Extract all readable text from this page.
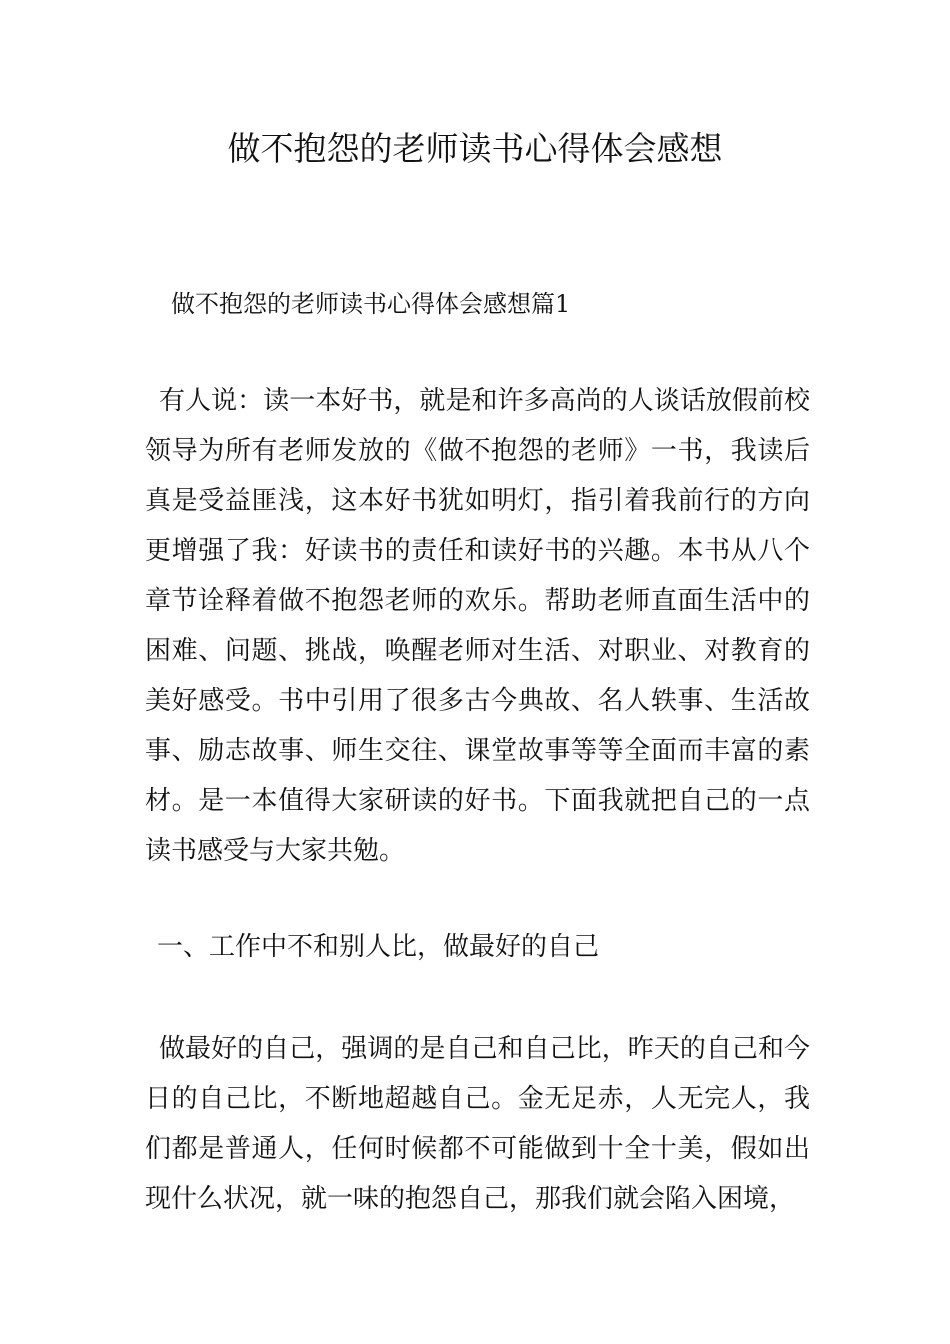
做不抱怨的老师读书心得体会感想
做不抱怨的老师读书心得体会感想篇1

有人说：读一本好书，就是和许多高尚的人谈话放假前校领导为所有老师发放的《做不抱怨的老师》一书，我读后真是受益匪浅，这本好书犹如明灯，指引着我前行的方向更增强了我：好读书的责任和读好书的兴趣。本书从八个章节诠释着做不抱怨老师的欢乐。帮助老师直面生活中的困难、问题、挑战，唤醒老师对生活、对职业、对教育的美好感受。书中引用了很多古今典故、名人轶事、生活故事、励志故事、师生交往、课堂故事等等全面而丰富的素材。是一本值得大家研读的好书。下面我就把自己的一点读书感受与大家共勉。

一、工作中不和别人比，做最好的自己

做最好的自己，强调的是自己和自己比，昨天的自己和今日的自己比，不断地超越自己。金无足赤，人无完人，我们都是普通人，任何时候都不可能做到十全十美，假如出现什么状况，就一味的抱怨自己，那我们就会陷入困境，
